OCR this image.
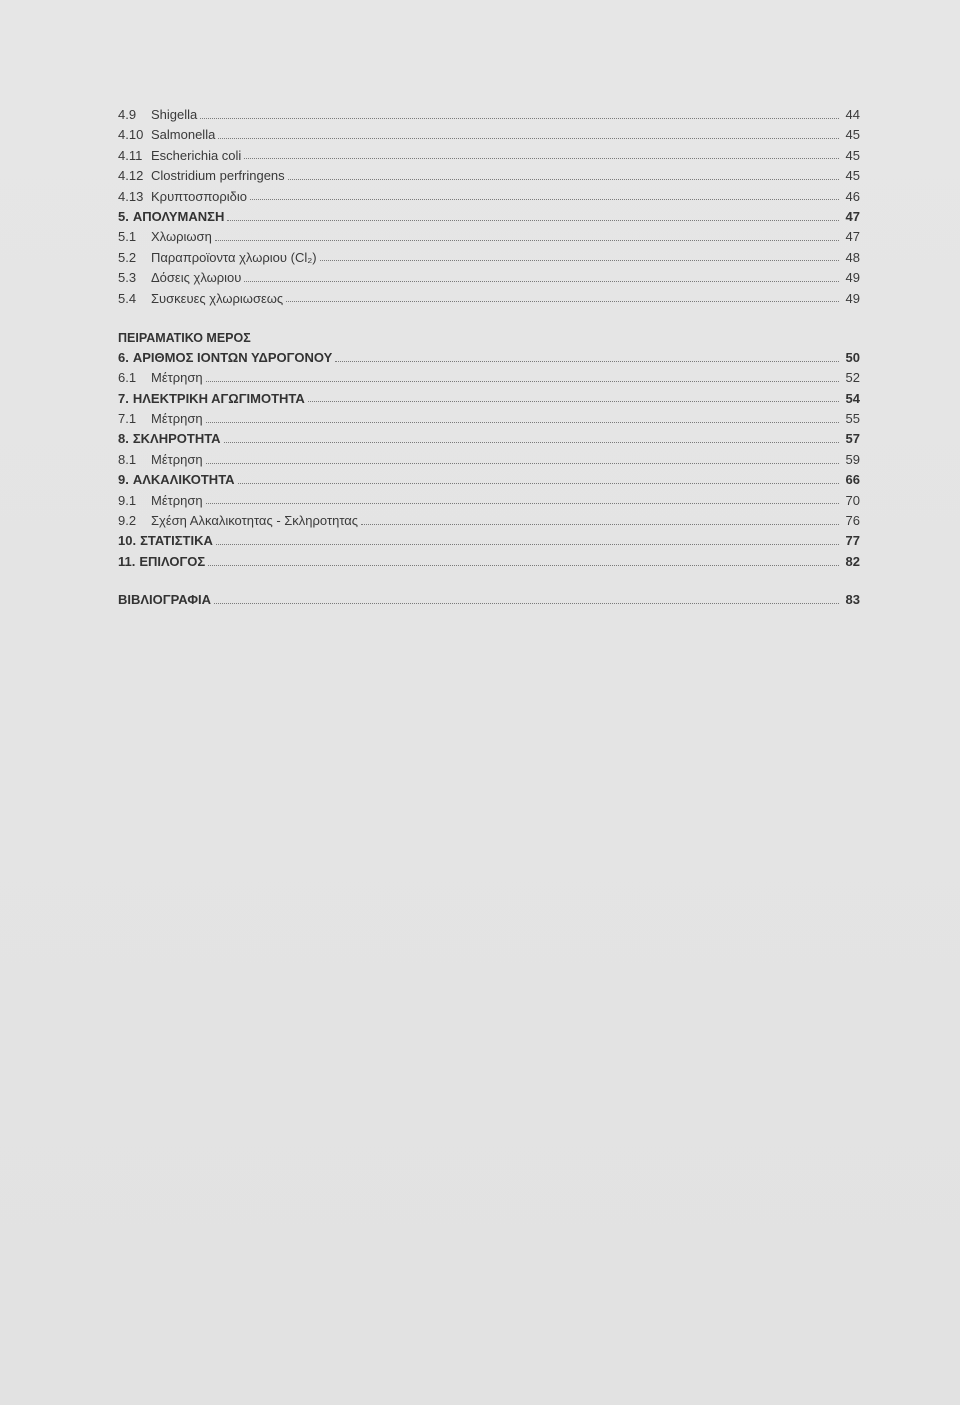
4.9	Shigella	44
4.10 Salmonella	45
4.11 Escherichia coli	45
4.12 Clostridium perfringens	45
4.13 Κρυπτοσποριδιο	46
5. ΑΠΟΛΥΜΑΝΣΗ	47
5.1	Χλωριωση	47
5.2	Παραπροϊοντα χλωριου (Cl₂)	48
5.3	Δόσεις χλωριου	49
5.4	Συσκευες χλωριωσεως	49
ΠΕΙΡΑΜΑΤΙΚΟ ΜΕΡΟΣ
6. ΑΡΙΘΜΟΣ ΙΟΝΤΩΝ ΥΔΡΟΓΟΝΟΥ	50
6.1	Μέτρηση	52
7. ΗΛΕΚΤΡΙΚΗ ΑΓΩΓΙΜΟΤΗΤΑ	54
7.1	Μέτρηση	55
8. ΣΚΛΗΡΟΤΗΤΑ	57
8.1	Μέτρηση	59
9. ΑΛΚΑΛΙΚΟΤΗΤΑ	66
9.1	Μέτρηση	70
9.2	Σχέση Αλκαλικοτητας - Σκληροτητας	76
10. ΣΤΑΤΙΣΤΙΚΑ	77
11. ΕΠΙΛΟΓΟΣ	82
ΒΙΒΛΙΟΓΡΑΦΙΑ	83
